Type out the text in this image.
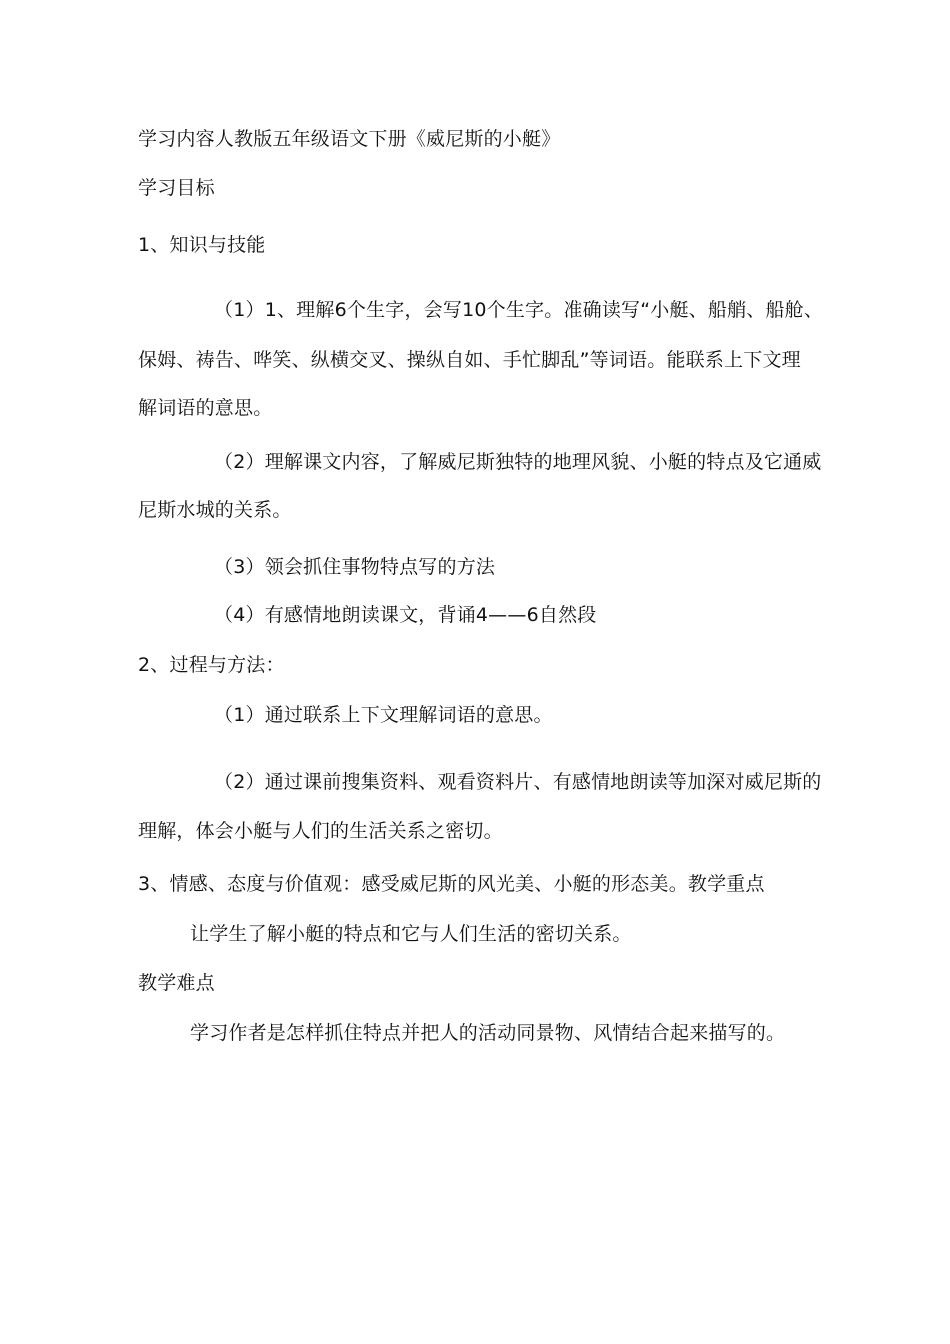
学习内容人教版五年级语文下册《威尼斯的小艇》
学习目标
1、知识与技能
（1）1、理解6个生字，会写10个生字。准确读写“小艇、船艄、船舱、
保姆、祷告、哗笑、纵横交叉、操纵自如、手忙脚乱”等词语。能联系上下文理
解词语的意思。
（2）理解课文内容，了解威尼斯独特的地理风貌、小艇的特点及它通威
尼斯水城的关系。
（3）领会抓住事物特点写的方法
（4）有感情地朗读课文，背诵4——6自然段
2、过程与方法：
（1）通过联系上下文理解词语的意思。
（2）通过课前搜集资料、观看资料片、有感情地朗读等加深对威尼斯的
理解，体会小艇与人们的生活关系之密切。
3、情感、态度与价值观：感受威尼斯的风光美、小艇的形态美。教学重点
让学生了解小艇的特点和它与人们生活的密切关系。
教学难点
学习作者是怎样抓住特点并把人的活动同景物、风情结合起来描写的。
